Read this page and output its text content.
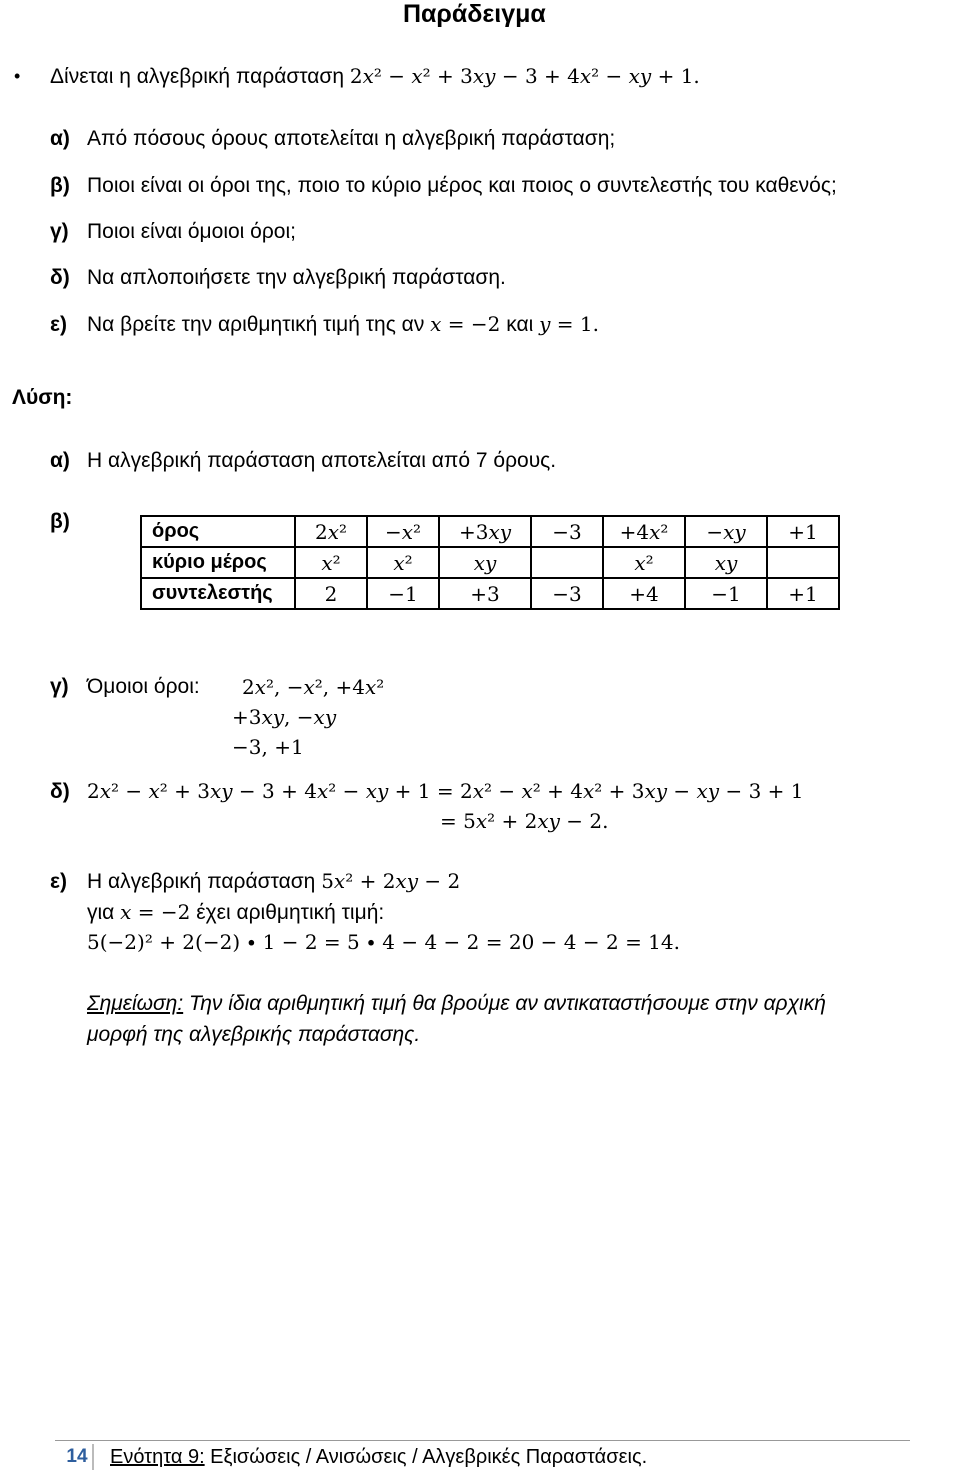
Παράδειγμα
• Δίνεται η αλγεβρική παράσταση 2𝑥² − 𝑥² + 3𝑥𝑦 − 3 + 4𝑥² − 𝑥𝑦 + 1.
α) Από πόσους όρους αποτελείται η αλγεβρική παράσταση;
β) Ποιοι είναι οι όροι της, ποιο το κύριο μέρος και ποιος ο συντελεστής του καθενός;
γ) Ποιοι είναι όμοιοι όροι;
δ) Να απλοποιήσετε την αλγεβρική παράσταση.
ε) Να βρείτε την αριθμητική τιμή της αν 𝑥 = −2 και 𝑦 = 1.
Λύση:
α) Η αλγεβρική παράσταση αποτελείται από 7 όρους.
β)	όρος	2𝑥²	−𝑥²	+3𝑥𝑦	−3	+4𝑥²	−𝑥𝑦	+1
κύριο μέρος	𝑥²	𝑥²	𝑥𝑦		𝑥²	𝑥𝑦	
συντελεστής	2	−1	+3	−3	+4	−1	+1
γ) Όμοιοι όροι: 2𝑥², −𝑥², +4𝑥²
+3𝑥𝑦, −𝑥𝑦
−3, +1
δ) 2𝑥² − 𝑥² + 3𝑥𝑦 − 3 + 4𝑥² − 𝑥𝑦 + 1 = 2𝑥² − 𝑥² + 4𝑥² + 3𝑥𝑦 − 𝑥𝑦 − 3 + 1
= 5𝑥² + 2𝑥𝑦 − 2.
ε) Η αλγεβρική παράσταση 5𝑥² + 2𝑥𝑦 − 2
για 𝑥 = −2 έχει αριθμητική τιμή:
5(−2)² + 2(−2) ∙ 1 − 2 = 5 ∙ 4 − 4 − 2 = 20 − 4 − 2 = 14.
Σημείωση: Την ίδια αριθμητική τιμή θα βρούμε αν αντικαταστήσουμε στην αρχική
μορφή της αλγεβρικής παράστασης.
14	Ενότητα 9: Εξισώσεις / Ανισώσεις / Αλγεβρικές Παραστάσεις.
